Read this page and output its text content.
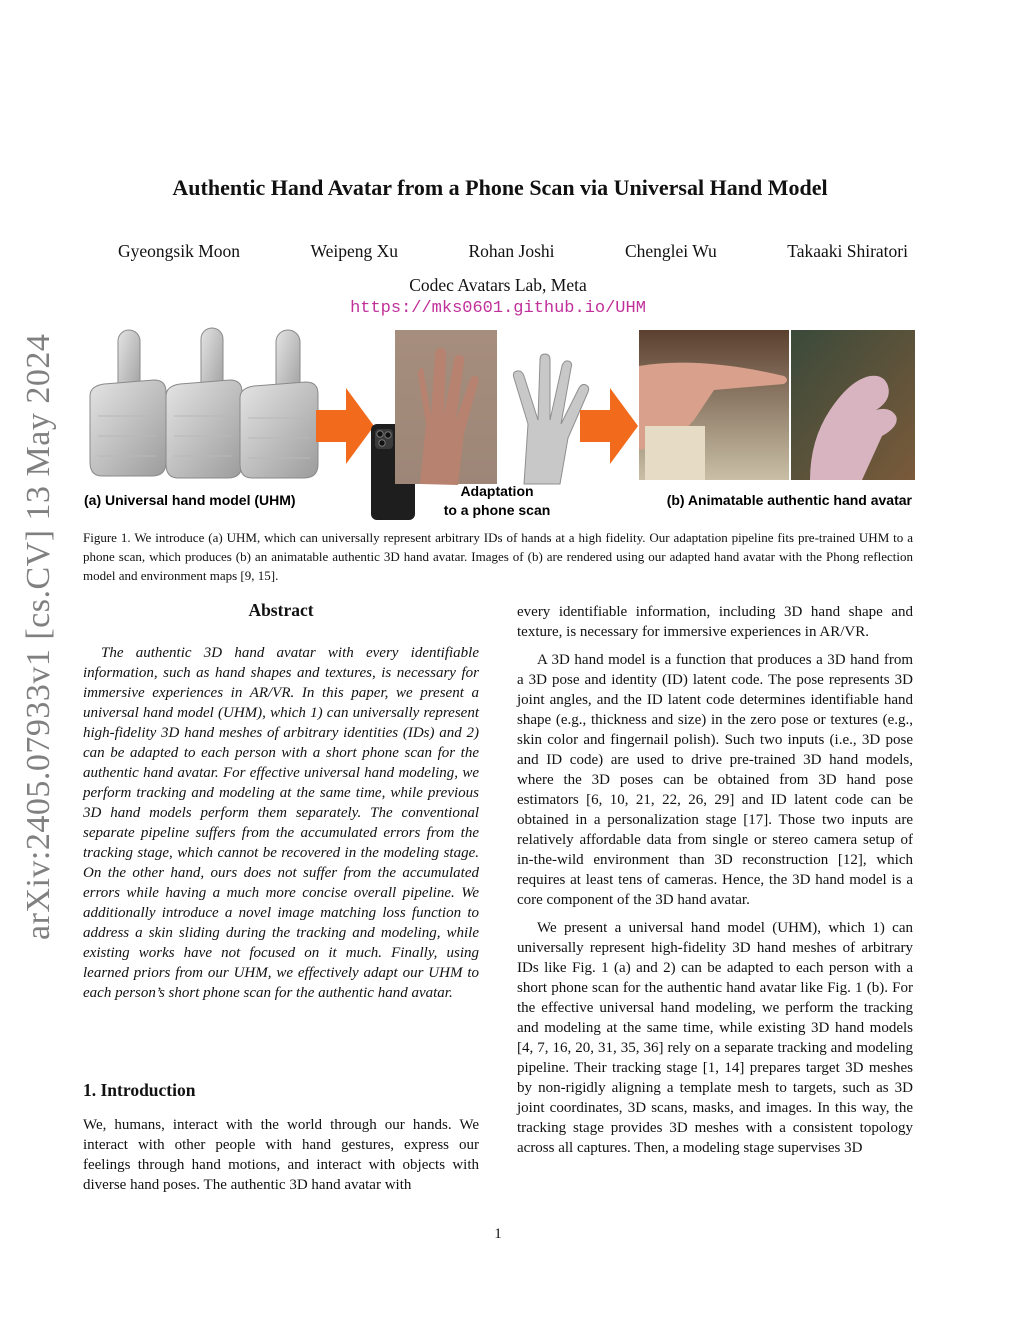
Authentic Hand Avatar from a Phone Scan via Universal Hand Model
Gyeongsik Moon	Weipeng Xu	Rohan Joshi	Chenglei Wu	Takaaki Shiratori
Codec Avatars Lab, Meta
https://mks0601.github.io/UHM
arXiv:2405.07933v1 [cs.CV] 13 May 2024 (a) Universal hand model (UHM)
Adaptation
to a phone scan
(b) Animatable authentic hand avatar
Figure 1. We introduce (a) UHM, which can universally represent arbitrary IDs of hands at a high fidelity. Our adaptation pipeline fits pre-trained UHM to a phone scan, which produces (b) an animatable authentic 3D hand avatar. Images of (b) are rendered using our adapted hand avatar with the Phong reflection model and environment maps [9, 15].
Abstract
The authentic 3D hand avatar with every identifiable information, such as hand shapes and textures, is necessary for immersive experiences in AR/VR. In this paper, we present a universal hand model (UHM), which 1) can universally represent high-fidelity 3D hand meshes of arbitrary identities (IDs) and 2) can be adapted to each person with a short phone scan for the authentic hand avatar. For effective universal hand modeling, we perform tracking and modeling at the same time, while previous 3D hand models perform them separately. The conventional separate pipeline suffers from the accumulated errors from the tracking stage, which cannot be recovered in the modeling stage. On the other hand, ours does not suffer from the accumulated errors while having a much more concise overall pipeline. We additionally introduce a novel image matching loss function to address a skin sliding during the tracking and modeling, while existing works have not focused on it much. Finally, using learned priors from our UHM, we effectively adapt our UHM to each person’s short phone scan for the authentic hand avatar.
1. Introduction
We, humans, interact with the world through our hands. We interact with other people with hand gestures, express our feelings through hand motions, and interact with objects with diverse hand poses. The authentic 3D hand avatar with

every identifiable information, including 3D hand shape and texture, is necessary for immersive experiences in AR/VR.

A 3D hand model is a function that produces a 3D hand from a 3D pose and identity (ID) latent code. The pose represents 3D joint angles, and the ID latent code determines identifiable hand shape (e.g., thickness and size) in the zero pose or textures (e.g., skin color and fingernail polish). Such two inputs (i.e., 3D pose and ID code) are used to drive pre-trained 3D hand models, where the 3D poses can be obtained from 3D hand pose estimators [6, 10, 21, 22, 26, 29] and ID latent code can be obtained in a personalization stage [17]. Those two inputs are relatively affordable data from single or stereo camera setup of in-the-wild environment than 3D reconstruction [12], which requires at least tens of cameras. Hence, the 3D hand model is a core component of the 3D hand avatar.

We present a universal hand model (UHM), which 1) can universally represent high-fidelity 3D hand meshes of arbitrary IDs like Fig. 1 (a) and 2) can be adapted to each person with a short phone scan for the authentic hand avatar like Fig. 1 (b). For the effective universal hand modeling, we perform the tracking and modeling at the same time, while existing 3D hand models [4, 7, 16, 20, 31, 35, 36] rely on a separate tracking and modeling pipeline. Their tracking stage [1, 14] prepares target 3D meshes by non-rigidly aligning a template mesh to targets, such as 3D joint coordinates, 3D scans, masks, and images. In this way, the tracking stage provides 3D meshes with a consistent topology across all captures. Then, a modeling stage supervises 3D

1
